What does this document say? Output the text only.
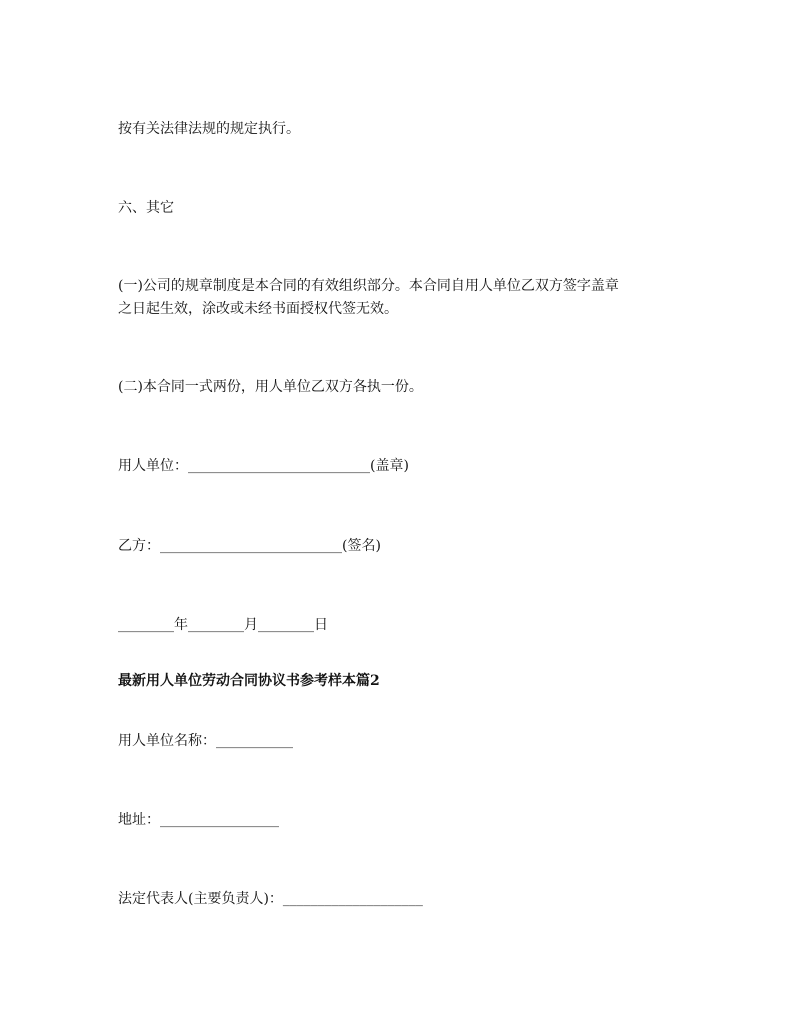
按有关法律法规的规定执行。

六、其它

(一)公司的规章制度是本合同的有效组织部分。本合同自用人单位乙双方签字盖章

之日起生效，涂改或未经书面授权代签无效。

(二)本合同一式两份，用人单位乙双方各执一份。

用人单位：__________________________(盖章)

乙方：__________________________(签名)

________年________月________日

最新用人单位劳动合同协议书参考样本篇2

用人单位名称：___________

地址：_________________

法定代表人(主要负责人)：____________________
